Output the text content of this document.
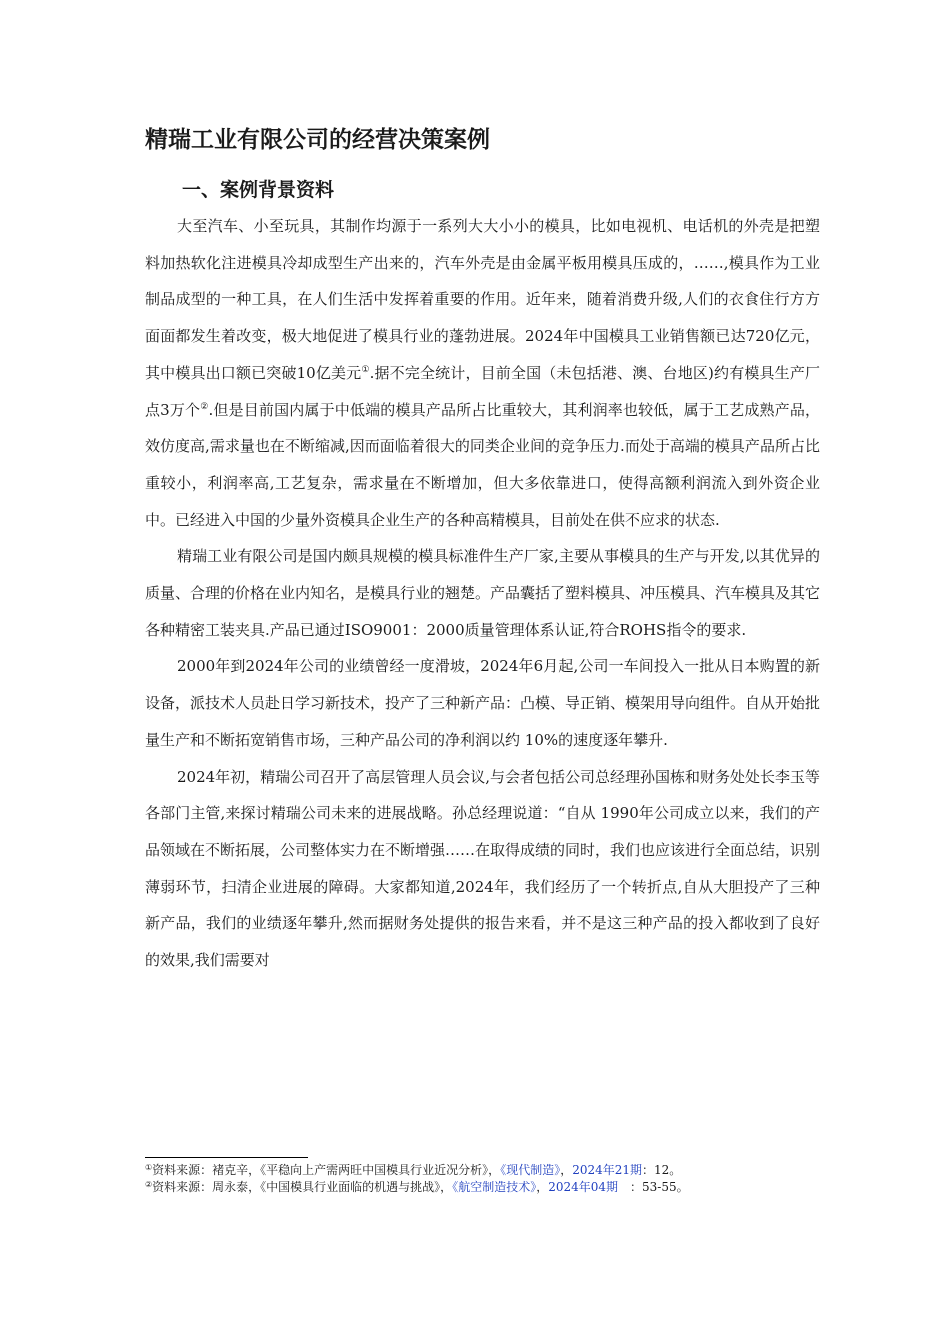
精瑞工业有限公司的经营决策案例
一、案例背景资料

大至汽车、小至玩具，其制作均源于一系列大大小小的模具，比如电视机、电话机的外壳是把塑料加热软化注进模具冷却成型生产出来的，汽车外壳是由金属平板用模具压成的，……,模具作为工业制品成型的一种工具，在人们生活中发挥着重要的作用。近年来，随着消费升级,人们的衣食住行方方面面都发生着改变，极大地促进了模具行业的蓬勃进展。2024年中国模具工业销售额已达720亿元，其中模具出口额已突破10亿美元①.据不完全统计，目前全国（未包括港、澳、台地区)约有模具生产厂点3万个②.但是目前国内属于中低端的模具产品所占比重较大，其利润率也较低，属于工艺成熟产品，效仿度高,需求量也在不断缩减,因而面临着很大的同类企业间的竞争压力.而处于高端的模具产品所占比重较小，利润率高,工艺复杂，需求量在不断增加，但大多依靠进口，使得高额利润流入到外资企业中。已经进入中国的少量外资模具企业生产的各种高精模具，目前处在供不应求的状态.

精瑞工业有限公司是国内颇具规模的模具标准件生产厂家,主要从事模具的生产与开发,以其优异的质量、合理的价格在业内知名，是模具行业的翘楚。产品囊括了塑料模具、冲压模具、汽车模具及其它各种精密工装夹具.产品已通过ISO9001：2000质量管理体系认证,符合ROHS指令的要求.

2000年到2024年公司的业绩曾经一度滑坡，2024年6月起,公司一车间投入一批从日本购置的新设备，派技术人员赴日学习新技术，投产了三种新产品：凸模、导正销、模架用导向组件。自从开始批量生产和不断拓宽销售市场，三种产品公司的净利润以约 10%的速度逐年攀升.

2024年初，精瑞公司召开了高层管理人员会议,与会者包括公司总经理孙国栋和财务处处长李玉等各部门主管,来探讨精瑞公司未来的进展战略。孙总经理说道：“自从 1990年公司成立以来，我们的产品领域在不断拓展，公司整体实力在不断增强……在取得成绩的同时，我们也应该进行全面总结，识别薄弱环节，扫清企业进展的障碍。大家都知道,2024年，我们经历了一个转折点,自从大胆投产了三种新产品，我们的业绩逐年攀升,然而据财务处提供的报告来看，并不是这三种产品的投入都收到了良好的效果,我们需要对

①资料来源：褚克辛，《平稳向上产需两旺中国模具行业近况分析》，《现代制造》，2024年21期：12。
②资料来源：周永泰，《中国模具行业面临的机遇与挑战》，《航空制造技术》，2024年04期　：53-55。
